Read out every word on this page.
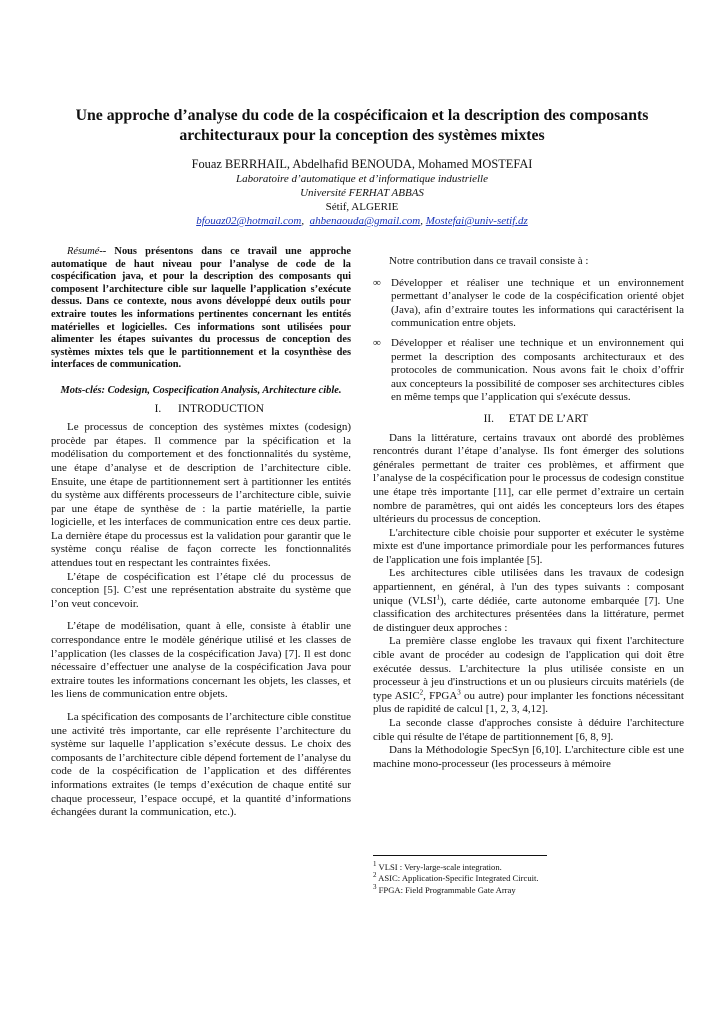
Une approche d’analyse du code de la cospécificaion et la description des composants architecturaux pour la conception des systèmes mixtes
Fouaz BERRHAIL, Abdelhafid BENOUDA, Mohamed MOSTEFAI
Laboratoire d’automatique et d’informatique industrielle
Université FERHAT ABBAS
Sétif, ALGERIE
bfouaz02@hotmail.com, ahbenaouda@gmail.com, Mostefai@univ-setif.dz

Résumé-- Nous présentons dans ce travail une approche automatique de haut niveau pour l’analyse de code de la cospécification java, et pour la description des composants qui composent l’architecture cible sur laquelle l’application s’exécute dessus. Dans ce contexte, nous avons développé deux outils pour extraire toutes les informations pertinentes concernant les entités matérielles et logicielles. Ces informations sont utilisées pour alimenter les étapes suivantes du processus de conception des systèmes mixtes tels que le partitionnement et la cosynthèse des interfaces de communication.

Mots-clés: Codesign, Cospecification Analysis, Architecture cible.

I. INTRODUCTION

Le processus de conception des systèmes mixtes (codesign) procède par étapes. Il commence par la spécification et la modélisation du comportement et des fonctionnalités du système, une étape d’analyse et de description de l’architecture cible. Ensuite, une étape de partitionnement sert à partitionner les entités du système aux différents processeurs de l’architecture cible, suivie par une étape de synthèse de : la partie matérielle, la partie logicielle, et les interfaces de communication entre ces deux partie. La dernière étape du processus est la validation pour garantir que le système conçu réalise de façon correcte les fonctionnalités attendues tout en respectant les contraintes fixées.

L’étape de cospécification est l’étape clé du processus de conception [5]. C’est une représentation abstraite du système que l’on veut concevoir.

L’étape de modélisation, quant à elle, consiste à établir une correspondance entre le modèle générique utilisé et les classes de l’application (les classes de la cospécification Java) [7]. Il est donc nécessaire d’effectuer une analyse de la cospécification Java pour extraire toutes les informations concernant les objets, les classes, et les liens de communication entre objets.

La spécification des composants de l’architecture cible constitue une activité très importante, car elle représente l’architecture du système sur laquelle l’application s’exécute dessus. Le choix des composants de l’architecture cible dépend fortement de l’analyse du code de la cospécification de l’application et des différentes informations extraites (le temps d’exécution de chaque entité sur chaque processeur, l’espace occupé, et la quantité d’informations échangées durant la communication, etc.).

Notre contribution dans ce travail consiste à :

∞ Développer et réaliser une technique et un environnement permettant d’analyser le code de la cospécification orienté objet (Java), afin d’extraire toutes les informations qui caractérisent la communication entre objets.
∞ Développer et réaliser une technique et un environnement qui permet la description des composants architecturaux et des protocoles de communication. Nous avons fait le choix d’offrir aux concepteurs la possibilité de composer ses architectures cibles en même temps que l’application qui s'exécute dessus.

II. ETAT DE L’ART

Dans la littérature, certains travaux ont abordé des problèmes rencontrés durant l’étape d’analyse. Ils font émerger des solutions générales permettant de traiter ces problèmes, et affirment que l’analyse de la cospécification pour le processus de codesign constitue une étape très importante [11], car elle permet d’extraire un certain nombre de paramètres, qui ont aidés les concepteurs lors des étapes ultérieurs du processus de conception.

L'architecture cible choisie pour supporter et exécuter le système mixte est d'une importance primordiale pour les performances futures de l'application une fois implantée [5].

Les architectures cible utilisées dans les travaux de codesign appartiennent, en général, à l'un des types suivants : composant unique (VLSI$^1$), carte dédiée, carte autonome embarquée [7]. Une classification des architectures présentées dans la littérature, permet de distinguer deux approches :

La première classe englobe les travaux qui fixent l'architecture cible avant de procéder au codesign de l'application qui doit être exécutée dessus. L'architecture la plus utilisée consiste en un processeur à jeu d'instructions et un ou plusieurs circuits matériels (de type ASIC$^2$, FPGA$^3$ ou autre) pour implanter les fonctions nécessitant plus de rapidité de calcul [1, 2, 3, 4,12].

La seconde classe d'approches consiste à déduire l'architecture cible qui résulte de l'étape de partitionnement [6, 8, 9].

Dans la Méthodologie SpecSyn [6,10]. L'architecture cible est une machine mono-processeur (les processeurs à mémoire

$^1$ VLSI : Very-large-scale integration.
$^2$ ASIC: Application-Specific Integrated Circuit.
$^3$ FPGA: Field Programmable Gate Array
